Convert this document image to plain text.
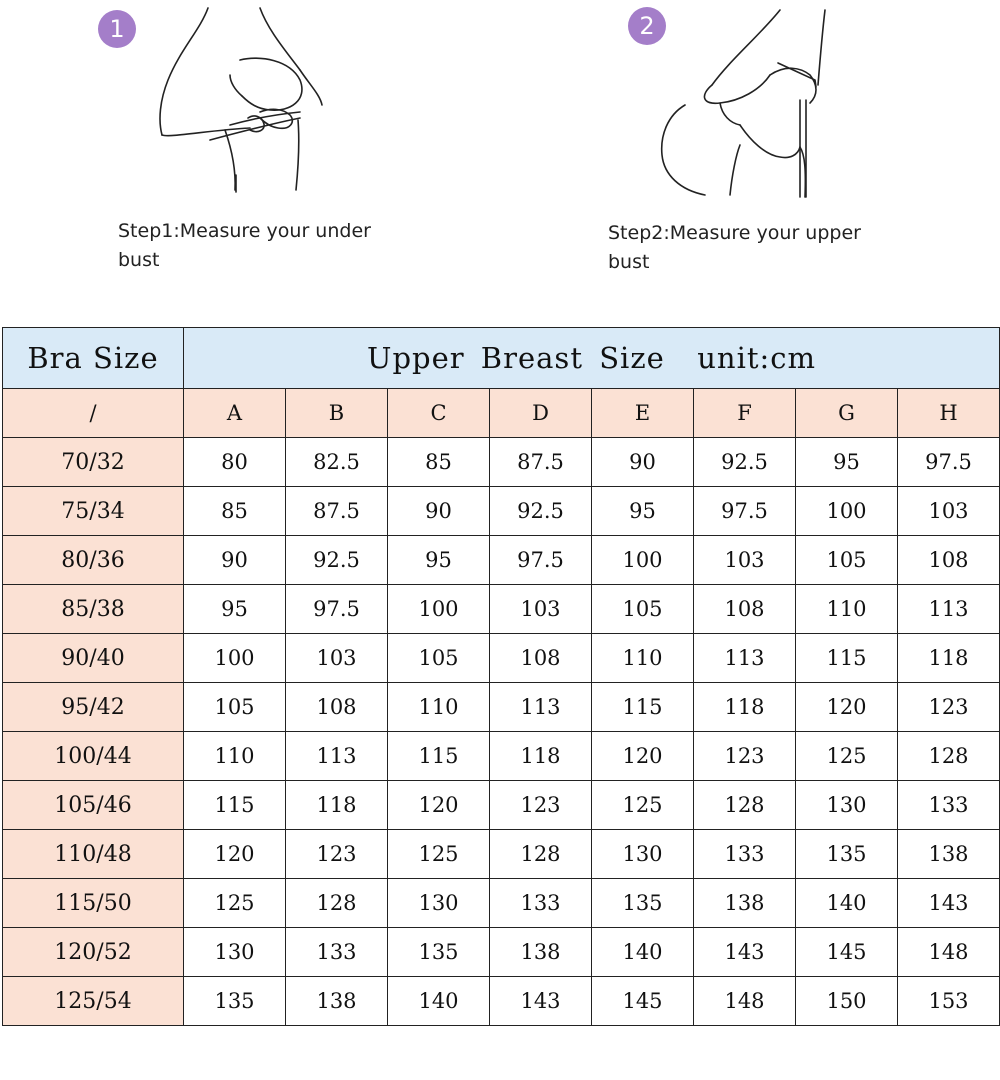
1
Step1:Measure your under bust
2
Step2:Measure your upper bust
Bra Size	Upper Breast Size  unit:cm							
/	A	B	C	D	E	F	G	H
70/32	80	82.5	85	87.5	90	92.5	95	97.5
75/34	85	87.5	90	92.5	95	97.5	100	103
80/36	90	92.5	95	97.5	100	103	105	108
85/38	95	97.5	100	103	105	108	110	113
90/40	100	103	105	108	110	113	115	118
95/42	105	108	110	113	115	118	120	123
100/44	110	113	115	118	120	123	125	128
105/46	115	118	120	123	125	128	130	133
110/48	120	123	125	128	130	133	135	138
115/50	125	128	130	133	135	138	140	143
120/52	130	133	135	138	140	143	145	148
125/54	135	138	140	143	145	148	150	153
